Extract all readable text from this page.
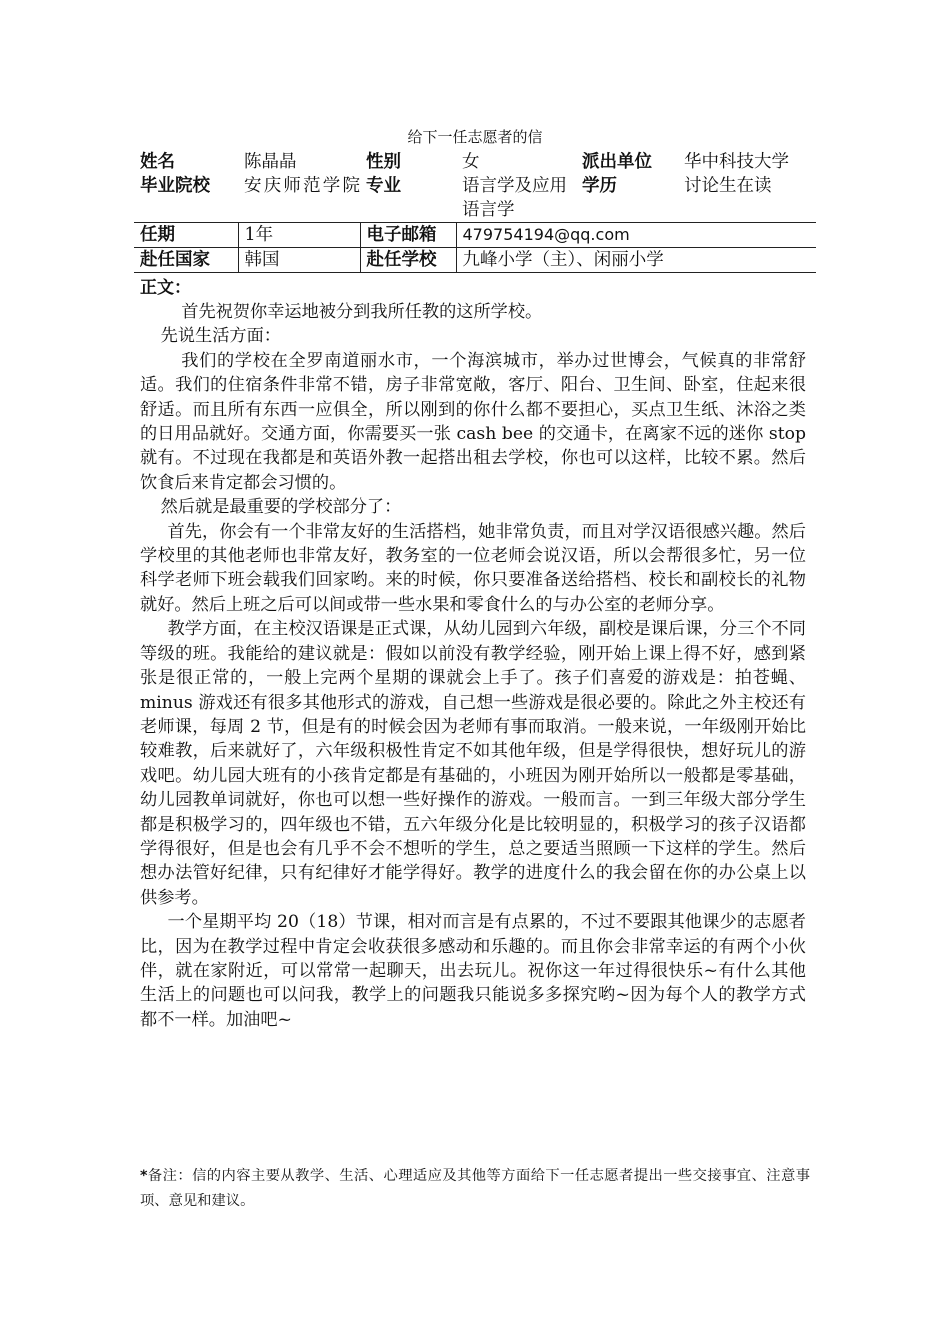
给下一任志愿者的信
姓名	陈晶晶	性别	女	派出单位	华中科技大学
毕业院校	安庆师范学院	专业	语言学及应用语言学	学历	讨论生在读
任期	1年	电子邮箱	479754194@qq.com		
赴任国家	韩国	赴任学校	九峰小学（主）、闲丽小学		
正文：

首先祝贺你幸运地被分到我所任教的这所学校。

先说生活方面：

我们的学校在全罗南道丽水市，一个海滨城市，举办过世博会，气候真的非常舒适。我们的住宿条件非常不错，房子非常宽敞，客厅、阳台、卫生间、卧室，住起来很舒适。而且所有东西一应俱全，所以刚到的你什么都不要担心，买点卫生纸、沐浴之类的日用品就好。交通方面，你需要买一张 cash bee 的交通卡，在离家不远的迷你 stop 就有。不过现在我都是和英语外教一起搭出租去学校，你也可以这样，比较不累。然后饮食后来肯定都会习惯的。

然后就是最重要的学校部分了：

首先，你会有一个非常友好的生活搭档，她非常负责，而且对学汉语很感兴趣。然后学校里的其他老师也非常友好，教务室的一位老师会说汉语，所以会帮很多忙，另一位科学老师下班会载我们回家哟。来的时候，你只要准备送给搭档、校长和副校长的礼物就好。然后上班之后可以间或带一些水果和零食什么的与办公室的老师分享。

教学方面，在主校汉语课是正式课，从幼儿园到六年级，副校是课后课，分三个不同等级的班。我能给的建议就是：假如以前没有教学经验，刚开始上课上得不好，感到紧张是很正常的，一般上完两个星期的课就会上手了。孩子们喜爱的游戏是：拍苍蝇、minus 游戏还有很多其他形式的游戏，自己想一些游戏是很必要的。除此之外主校还有老师课，每周 2 节，但是有的时候会因为老师有事而取消。一般来说，一年级刚开始比较难教，后来就好了，六年级积极性肯定不如其他年级，但是学得很快，想好玩儿的游戏吧。幼儿园大班有的小孩肯定都是有基础的，小班因为刚开始所以一般都是零基础，幼儿园教单词就好，你也可以想一些好操作的游戏。一般而言。一到三年级大部分学生都是积极学习的，四年级也不错，五六年级分化是比较明显的，积极学习的孩子汉语都学得很好，但是也会有几乎不会不想听的学生，总之要适当照顾一下这样的学生。然后想办法管好纪律，只有纪律好才能学得好。教学的进度什么的我会留在你的办公桌上以供参考。

一个星期平均 20（18）节课，相对而言是有点累的，不过不要跟其他课少的志愿者比，因为在教学过程中肯定会收获很多感动和乐趣的。而且你会非常幸运的有两个小伙伴，就在家附近，可以常常一起聊天，出去玩儿。祝你这一年过得很快乐~有什么其他生活上的问题也可以问我，教学上的问题我只能说多多探究哟~因为每个人的教学方式都不一样。加油吧~

*备注：信的内容主要从教学、生活、心理适应及其他等方面给下一任志愿者提出一些交接事宜、注意事项、意见和建议。
